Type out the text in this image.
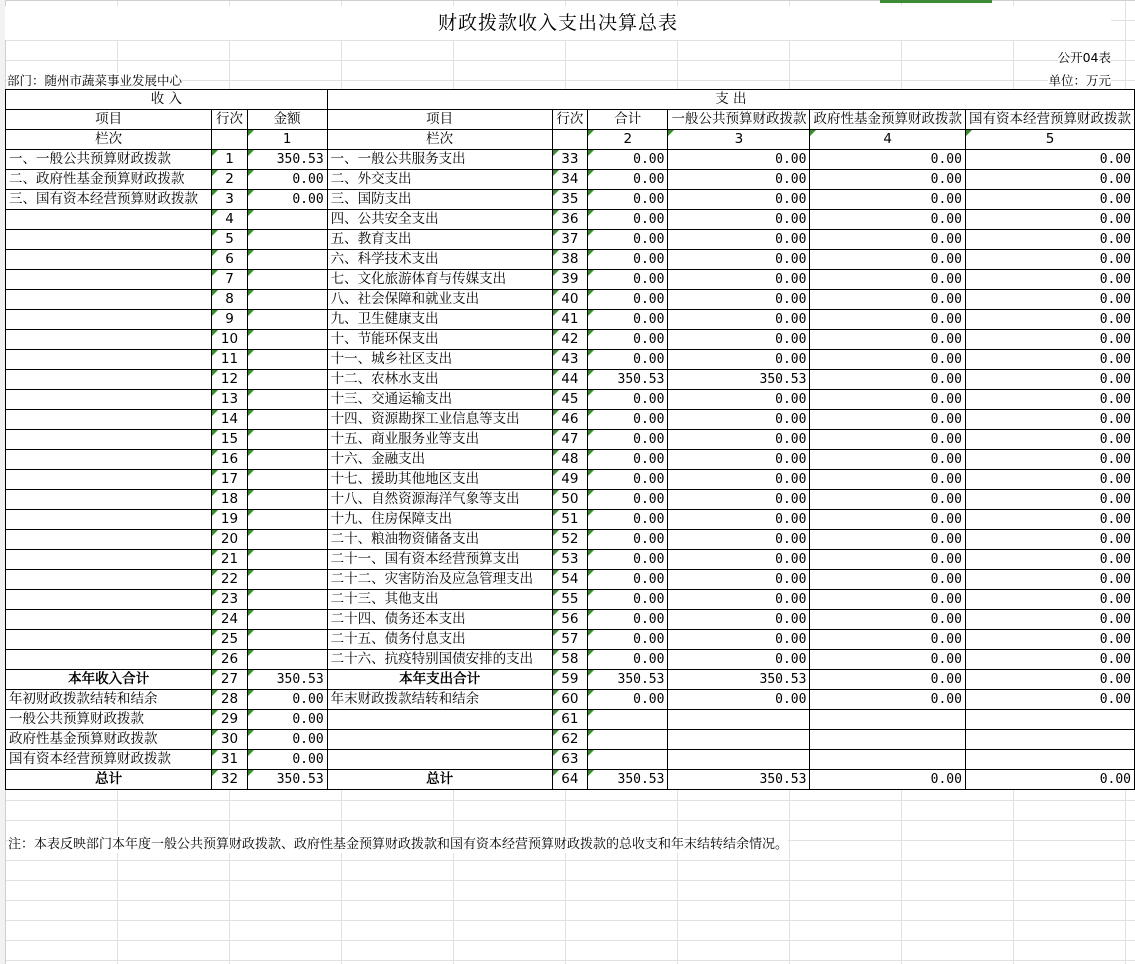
财政拨款收入支出决算总表
公开04表
部门：随州市蔬菜事业发展中心	单位：万元
收 入			支 出					
项目	行次	金额	项目	行次	合计	一般公共预算财政拨款	政府性基金预算财政拨款	国有资本经营预算财政拨款
栏次		1	栏次		2	3	4	5
一、一般公共预算财政拨款	1	350.53	一、一般公共服务支出	33	0.00	0.00	0.00	0.00
二、政府性基金预算财政拨款	2	0.00	二、外交支出	34	0.00	0.00	0.00	0.00
三、国有资本经营预算财政拨款	3	0.00	三、国防支出	35	0.00	0.00	0.00	0.00
	4		四、公共安全支出	36	0.00	0.00	0.00	0.00
	5		五、教育支出	37	0.00	0.00	0.00	0.00
	6		六、科学技术支出	38	0.00	0.00	0.00	0.00
	7		七、文化旅游体育与传媒支出	39	0.00	0.00	0.00	0.00
	8		八、社会保障和就业支出	40	0.00	0.00	0.00	0.00
	9		九、卫生健康支出	41	0.00	0.00	0.00	0.00
	10		十、节能环保支出	42	0.00	0.00	0.00	0.00
	11		十一、城乡社区支出	43	0.00	0.00	0.00	0.00
	12		十二、农林水支出	44	350.53	350.53	0.00	0.00
	13		十三、交通运输支出	45	0.00	0.00	0.00	0.00
	14		十四、资源勘探工业信息等支出	46	0.00	0.00	0.00	0.00
	15		十五、商业服务业等支出	47	0.00	0.00	0.00	0.00
	16		十六、金融支出	48	0.00	0.00	0.00	0.00
	17		十七、援助其他地区支出	49	0.00	0.00	0.00	0.00
	18		十八、自然资源海洋气象等支出	50	0.00	0.00	0.00	0.00
	19		十九、住房保障支出	51	0.00	0.00	0.00	0.00
	20		二十、粮油物资储备支出	52	0.00	0.00	0.00	0.00
	21		二十一、国有资本经营预算支出	53	0.00	0.00	0.00	0.00
	22		二十二、灾害防治及应急管理支出	54	0.00	0.00	0.00	0.00
	23		二十三、其他支出	55	0.00	0.00	0.00	0.00
	24		二十四、债务还本支出	56	0.00	0.00	0.00	0.00
	25		二十五、债务付息支出	57	0.00	0.00	0.00	0.00
	26		二十六、抗疫特别国债安排的支出	58	0.00	0.00	0.00	0.00
本年收入合计	27	350.53	本年支出合计	59	350.53	350.53	0.00	0.00
年初财政拨款结转和结余	28	0.00	年末财政拨款结转和结余	60	0.00	0.00	0.00	0.00
一般公共预算财政拨款	29	0.00		61				
政府性基金预算财政拨款	30	0.00		62				
国有资本经营预算财政拨款	31	0.00		63				
总计	32	350.53	总计	64	350.53	350.53	0.00	0.00
注：本表反映部门本年度一般公共预算财政拨款、政府性基金预算财政拨款和国有资本经营预算财政拨款的总收支和年末结转结余情况。
